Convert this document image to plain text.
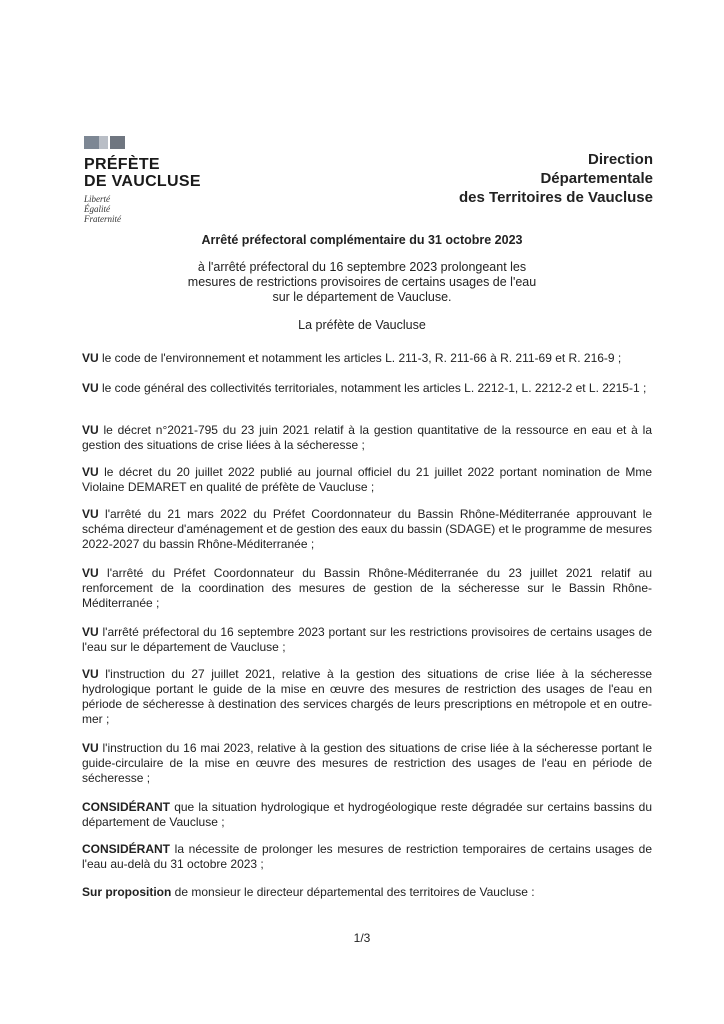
PRÉFÈTE
DE VAUCLUSE
Liberté
Égalité
Fraternité
Direction
Départementale
des Territoires de Vaucluse
Arrêté préfectoral complémentaire du 31 octobre 2023
à l'arrêté préfectoral du 16 septembre 2023 prolongeant les
mesures de restrictions provisoires de certains usages de l'eau
sur le département de Vaucluse.
La préfète de Vaucluse
VU le code de l'environnement et notamment les articles L. 211-3, R. 211-66 à R. 211-69 et R. 216-9 ;
VU le code général des collectivités territoriales, notamment les articles L. 2212-1, L. 2212-2 et L. 2215-1 ;
VU le décret n°2021-795 du 23 juin 2021 relatif à la gestion quantitative de la ressource en eau et à la gestion des situations de crise liées à la sécheresse ;
VU le décret du 20 juillet 2022 publié au journal officiel du 21 juillet 2022 portant nomination de Mme Violaine DEMARET en qualité de préfète de Vaucluse ;
VU l'arrêté du 21 mars 2022 du Préfet Coordonnateur du Bassin Rhône-Méditerranée approuvant le schéma directeur d'aménagement et de gestion des eaux du bassin (SDAGE) et le programme de mesures 2022-2027 du bassin Rhône-Méditerranée ;
VU l'arrêté du Préfet Coordonnateur du Bassin Rhône-Méditerranée du 23 juillet 2021 relatif au renforcement de la coordination des mesures de gestion de la sécheresse sur le Bassin Rhône-Méditerranée ;
VU l'arrêté préfectoral du 16 septembre 2023 portant sur les restrictions provisoires de certains usages de l'eau sur le département de Vaucluse ;
VU l'instruction du 27 juillet 2021, relative à la gestion des situations de crise liée à la sécheresse hydrologique portant le guide de la mise en œuvre des mesures de restriction des usages de l'eau en période de sécheresse à destination des services chargés de leurs prescriptions en métropole et en outre-mer ;
VU l'instruction du 16 mai 2023, relative à la gestion des situations de crise liée à la sécheresse portant le guide-circulaire de la mise en œuvre des mesures de restriction des usages de l'eau en période de sécheresse ;
CONSIDÉRANT que la situation hydrologique et hydrogéologique reste dégradée sur certains bassins du département de Vaucluse ;
CONSIDÉRANT la nécessite de prolonger les mesures de restriction temporaires de certains usages de l'eau au-delà du 31 octobre 2023 ;
Sur proposition de monsieur le directeur départemental des territoires de Vaucluse :
1/3
